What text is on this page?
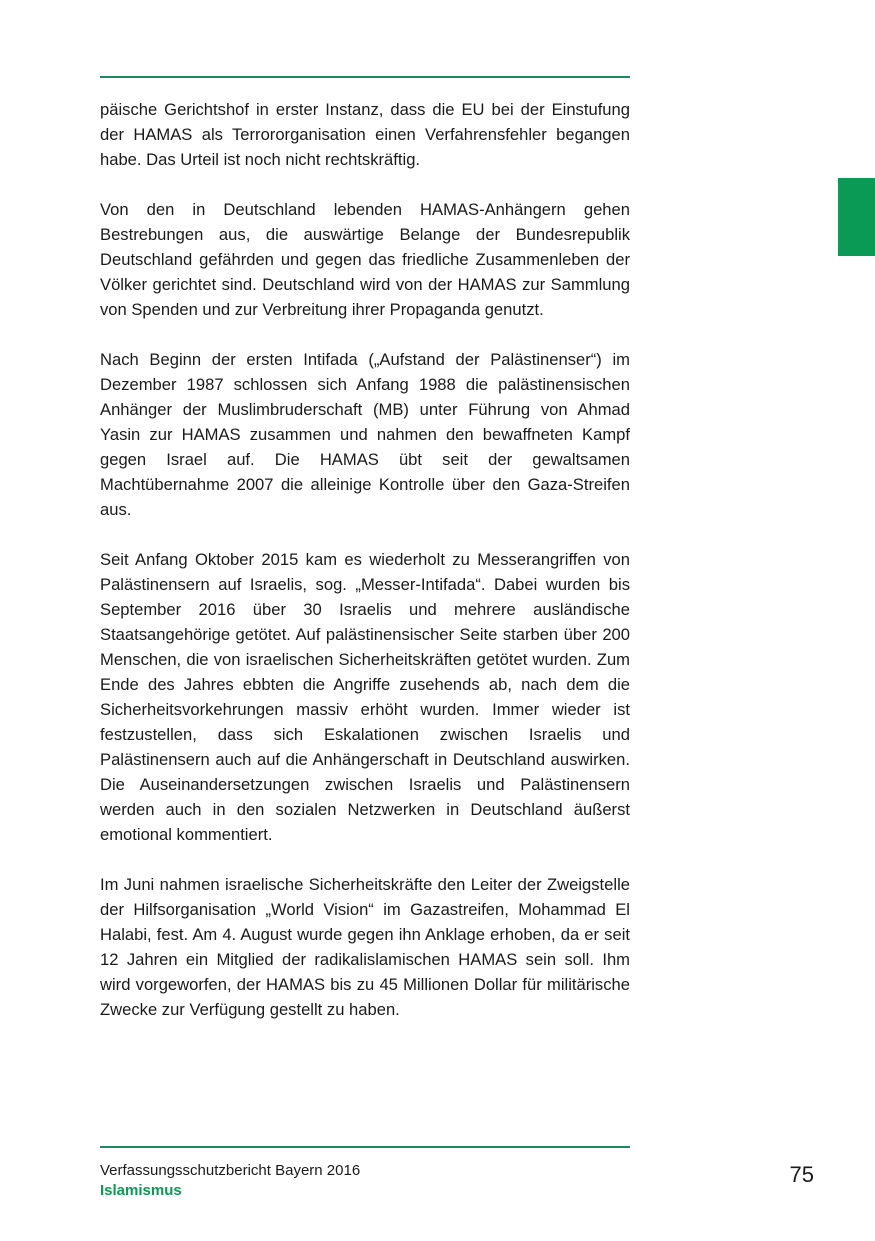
päische Gerichtshof in erster Instanz, dass die EU bei der Einstufung der HAMAS als Terrororganisation einen Verfahrensfehler begangen habe. Das Urteil ist noch nicht rechtskräftig.

Von den in Deutschland lebenden HAMAS-Anhängern gehen Bestrebungen aus, die auswärtige Belange der Bundesrepublik Deutschland gefährden und gegen das friedliche Zusammenleben der Völker gerichtet sind. Deutschland wird von der HAMAS zur Sammlung von Spenden und zur Verbreitung ihrer Propaganda genutzt.

Nach Beginn der ersten Intifada („Aufstand der Palästinenser“) im Dezember 1987 schlossen sich Anfang 1988 die palästinensischen Anhänger der Muslimbruderschaft (MB) unter Führung von Ahmad Yasin zur HAMAS zusammen und nahmen den bewaffneten Kampf gegen Israel auf. Die HAMAS übt seit der gewaltsamen Machtübernahme 2007 die alleinige Kontrolle über den Gaza-Streifen aus.

Seit Anfang Oktober 2015 kam es wiederholt zu Messerangriffen von Palästinensern auf Israelis, sog. „Messer-Intifada“. Dabei wurden bis September 2016 über 30 Israelis und mehrere ausländische Staatsangehörige getötet. Auf palästinensischer Seite starben über 200 Menschen, die von israelischen Sicherheitskräften getötet wurden. Zum Ende des Jahres ebbten die Angriffe zusehends ab, nach dem die Sicherheitsvorkehrungen massiv erhöht wurden. Immer wieder ist festzustellen, dass sich Eskalationen zwischen Israelis und Palästinensern auch auf die Anhängerschaft in Deutschland auswirken. Die Auseinandersetzungen zwischen Israelis und Palästinensern werden auch in den sozialen Netzwerken in Deutschland äußerst emotional kommentiert.

Im Juni nahmen israelische Sicherheitskräfte den Leiter der Zweigstelle der Hilfsorganisation „World Vision“ im Gazastreifen, Mohammad El Halabi, fest. Am 4. August wurde gegen ihn Anklage erhoben, da er seit 12 Jahren ein Mitglied der radikalislamischen HAMAS sein soll. Ihm wird vorgeworfen, der HAMAS bis zu 45 Millionen Dollar für militärische Zwecke zur Verfügung gestellt zu haben.

Verfassungsschutzbericht Bayern 2016
Islamismus
75
